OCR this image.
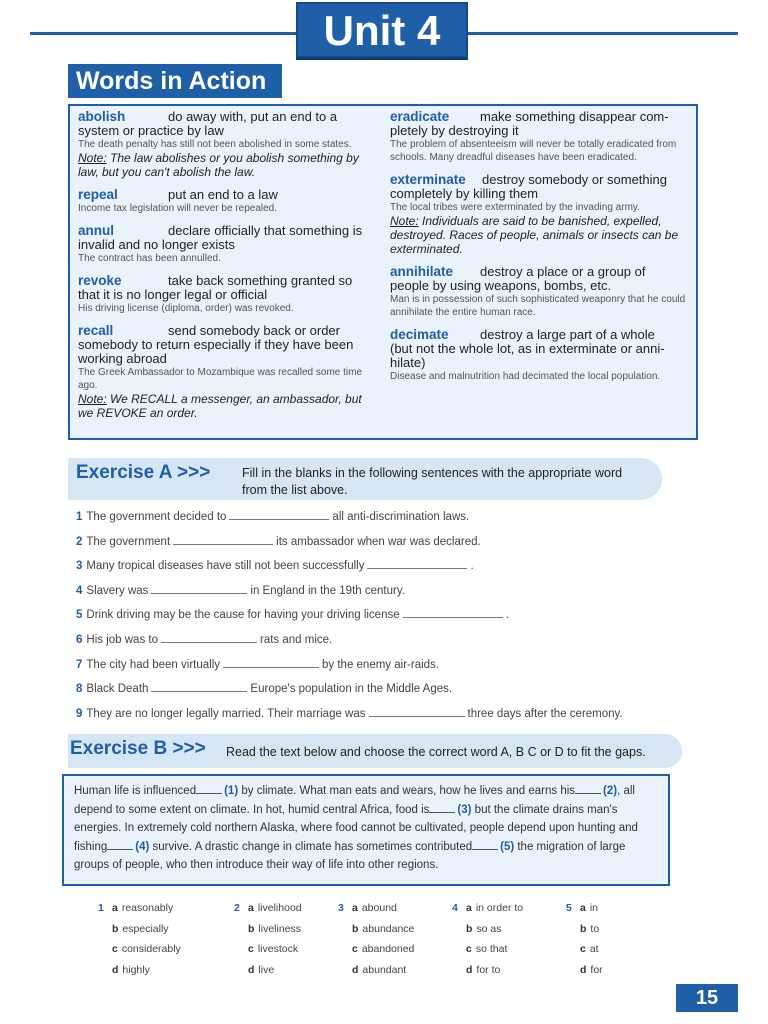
Unit 4
Words in Action
abolish	do away with, put an end to a
system or practice by law
The death penalty has still not been abolished in some states.
Note: The law abolishes or you abolish something by law, but you can't abolish the law.
repeal	put an end to a law
Income tax legislation will never be repealed.
annul	declare officially that something is
invalid and no longer exists
The contract has been annulled.
revoke	take back something granted so
that it is no longer legal or official
His driving license (diploma, order) was revoked.
recall	send somebody back or order
somebody to return especially if they have been working abroad
The Greek Ambassador to Mozambique was recalled some time ago.
Note: We RECALL a messenger, an ambassador, but we REVOKE an order.
eradicate make something disappear com-
pletely by destroying it
The problem of absenteeism will never be totally eradicated from schools. Many dreadful diseases have been eradicated.
exterminate destroy somebody or something
completely by killing them
The local tribes were exterminated by the invading army.
Note: Individuals are said to be banished, expelled, destroyed. Races of people, animals or insects can be exterminated.
annihilate destroy a place or a group of
people by using weapons, bombs, etc.
Man is in possession of such sophisticated weaponry that he could annihilate the entire human race.
decimate destroy a large part of a whole
(but not the whole lot, as in exterminate or anni-hilate)
Disease and malnutrition had decimated the local population.
Exercise A >>>	Fill in the blanks in the following sentences with the appropriate word
from the list above.
1 The government decided to	all anti-discrimination laws.
2 The government	its ambassador when war was declared.
3 Many tropical diseases have still not been successfully	.
4 Slavery was	in England in the 19th century.
5 Drink driving may be the cause for having your driving license	.
6 His job was to	rats and mice.
7 The city had been virtually	by the enemy air-raids.
8 Black Death	Europe's population in the Middle Ages.
9 They are no longer legally married. Their marriage was	three days after the ceremony.
Exercise B >>> Read the text below and choose the correct word A, B C or D to fit the gaps.
Human life is influenced (1) by climate. What man eats and wears, how he lives and earns his (2), all depend to some extent on climate. In hot, humid central Africa, food is (3) but the climate drains man's energies. In extremely cold northern Alaska, where food cannot be cultivated, people depend upon hunting and fishing (4) survive. A drastic change in climate has sometimes contributed (5) the migration of large groups of people, who then introduce their way of life into other regions.
1 a reasonably
b especially
c considerably
d highly
2 a livelihood
b liveliness
c livestock
d live
3 a abound
b abundance
c abandoned
d abundant
4 a in order to
b so as
c so that
d for to
5 a in
b to
c at
d for
15
